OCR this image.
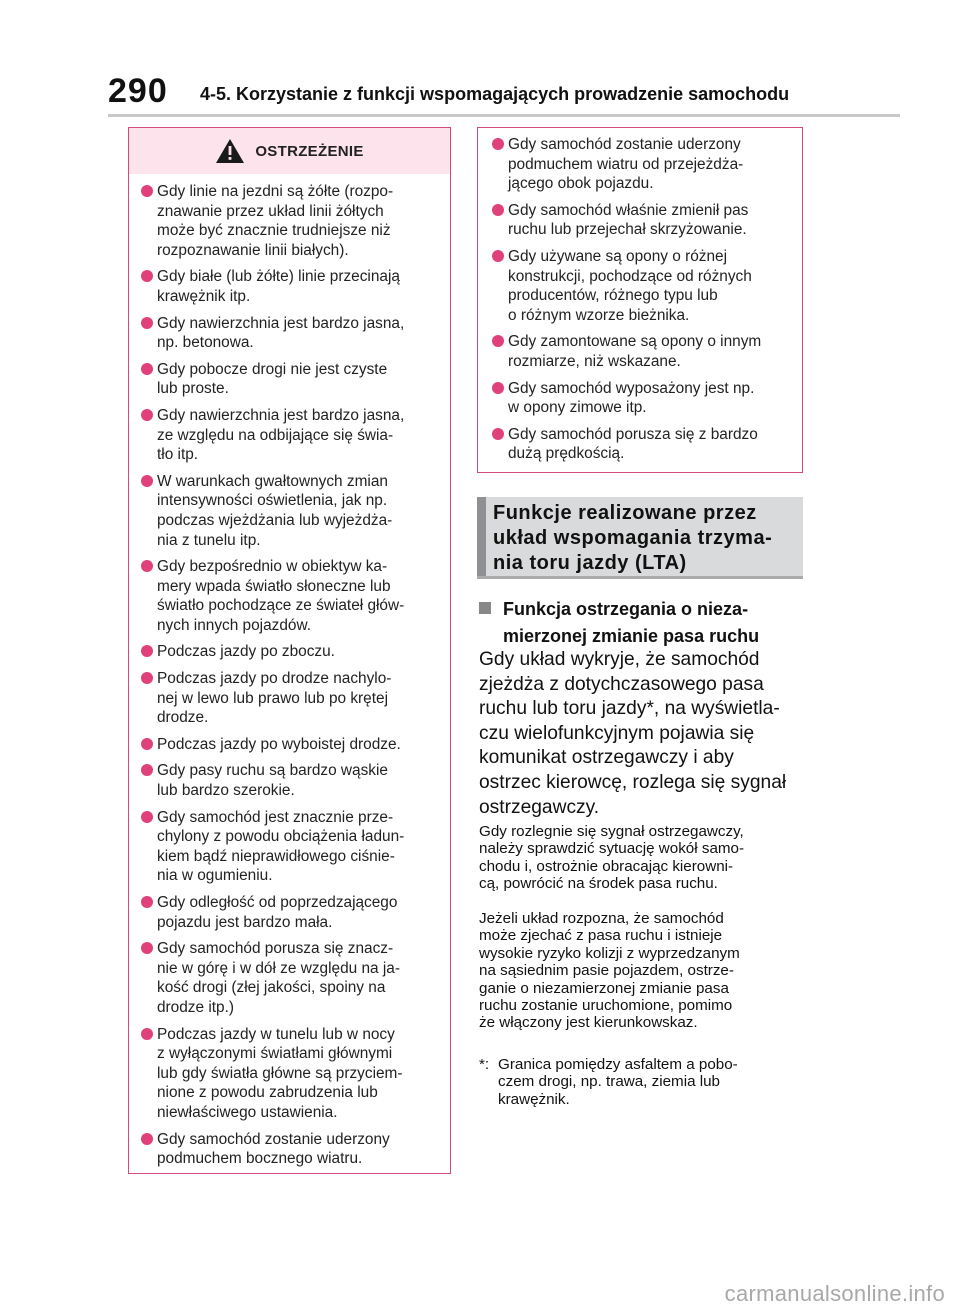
290 4-5. Korzystanie z funkcji wspomagających prowadzenie samochodu
OSTRZEŻENIE
Gdy linie na jezdni są żółte (rozpo-
znawanie przez układ linii żółtych
może być znacznie trudniejsze niż
rozpoznawanie linii białych).
Gdy białe (lub żółte) linie przecinają
krawężnik itp.
Gdy nawierzchnia jest bardzo jasna,
np. betonowa.
Gdy pobocze drogi nie jest czyste
lub proste.
Gdy nawierzchnia jest bardzo jasna,
ze względu na odbijające się świa-
tło itp.
W warunkach gwałtownych zmian
intensywności oświetlenia, jak np.
podczas wjeżdżania lub wyjeżdża-
nia z tunelu itp.
Gdy bezpośrednio w obiektyw ka-
mery wpada światło słoneczne lub
światło pochodzące ze świateł głów-
nych innych pojazdów.
Podczas jazdy po zboczu.
Podczas jazdy po drodze nachylo-
nej w lewo lub prawo lub po krętej
drodze.
Podczas jazdy po wyboistej drodze.
Gdy pasy ruchu są bardzo wąskie
lub bardzo szerokie.
Gdy samochód jest znacznie prze-
chylony z powodu obciążenia ładun-
kiem bądź nieprawidłowego ciśnie-
nia w ogumieniu.
Gdy odległość od poprzedzającego
pojazdu jest bardzo mała.
Gdy samochód porusza się znacz-
nie w górę i w dół ze względu na ja-
kość drogi (złej jakości, spoiny na
drodze itp.)
Podczas jazdy w tunelu lub w nocy
z wyłączonymi światłami głównymi
lub gdy światła główne są przyciem-
nione z powodu zabrudzenia lub
niewłaściwego ustawienia.
Gdy samochód zostanie uderzony
podmuchem bocznego wiatru.
Gdy samochód zostanie uderzony
podmuchem wiatru od przejeżdża-
jącego obok pojazdu.
Gdy samochód właśnie zmienił pas
ruchu lub przejechał skrzyżowanie.
Gdy używane są opony o różnej
konstrukcji, pochodzące od różnych
producentów, różnego typu lub
o różnym wzorze bieżnika.
Gdy zamontowane są opony o innym
rozmiarze, niż wskazane.
Gdy samochód wyposażony jest np.
w opony zimowe itp.
Gdy samochód porusza się z bardzo
dużą prędkością.
Funkcje realizowane przez
układ wspomagania trzyma-
nia toru jazdy (LTA)
Funkcja ostrzegania o nieza-
mierzonej zmianie pasa ruchu
Gdy układ wykryje, że samochód
zjeżdża z dotychczasowego pasa
ruchu lub toru jazdy*, na wyświetla-
czu wielofunkcyjnym pojawia się
komunikat ostrzegawczy i aby
ostrzec kierowcę, rozlega się sygnał
ostrzegawczy.
Gdy rozlegnie się sygnał ostrzegawczy,
należy sprawdzić sytuację wokół samo-
chodu i, ostrożnie obracając kierowni-
cą, powrócić na środek pasa ruchu.
Jeżeli układ rozpozna, że samochód
może zjechać z pasa ruchu i istnieje
wysokie ryzyko kolizji z wyprzedzanym
na sąsiednim pasie pojazdem, ostrze-
ganie o niezamierzonej zmianie pasa
ruchu zostanie uruchomione, pomimo
że włączony jest kierunkowskaz.
*: Granica pomiędzy asfaltem a pobo-
czem drogi, np. trawa, ziemia lub
krawężnik.
carmanualsonline.info
